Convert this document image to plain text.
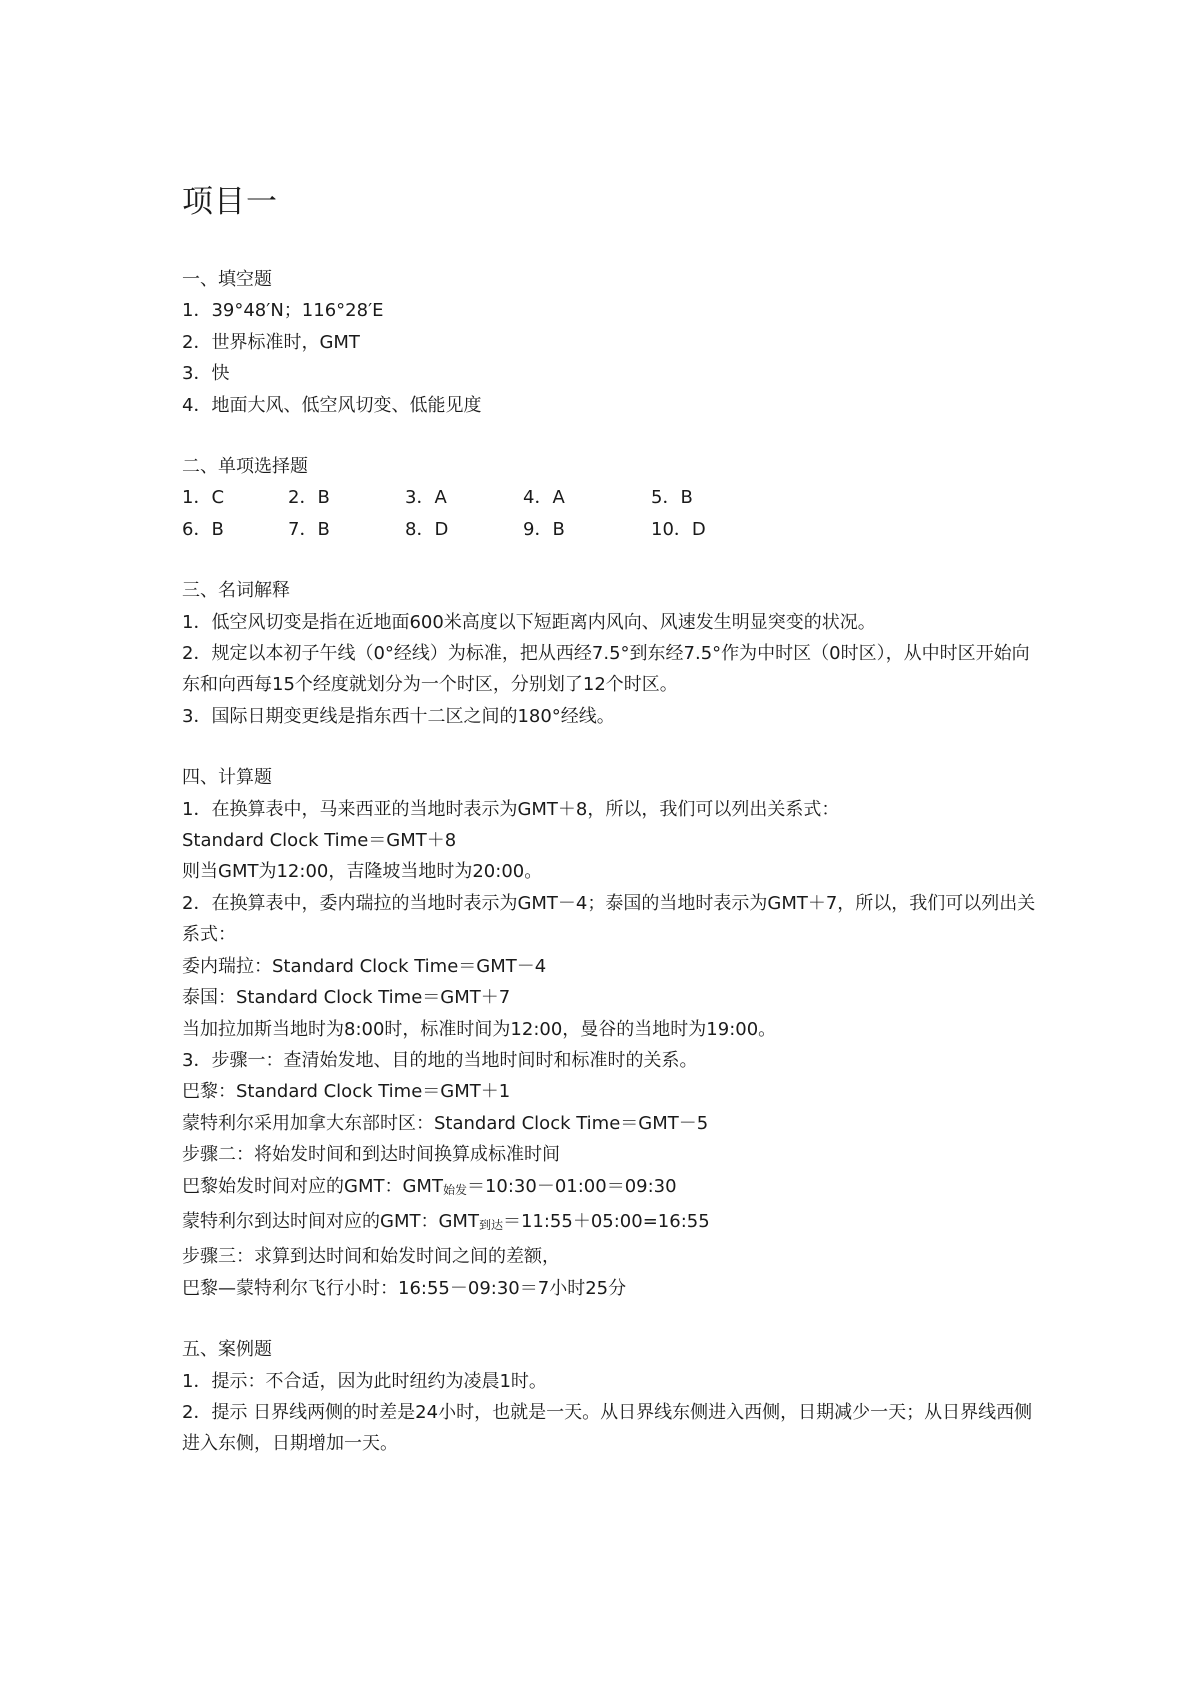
项目一
一、填空题
1．39°48′N；116°28′E
2．世界标准时，GMT
3．快
4．地面大风、低空风切变、低能见度
二、单项选择题
1．C	2．B	3．A	4．A	5．B
6．B	7．B	8．D	9．B	10．D
三、名词解释
1．低空风切变是指在近地面600米高度以下短距离内风向、风速发生明显突变的状况。
2．规定以本初子午线（0°经线）为标准，把从西经7.5°到东经7.5°作为中时区（0时区），从中时区开始向东和向西每15个经度就划分为一个时区，分别划了12个时区。
3．国际日期变更线是指东西十二区之间的180°经线。
四、计算题
1．在换算表中，马来西亚的当地时表示为GMT＋8，所以，我们可以列出关系式：
Standard Clock Time＝GMT＋8
则当GMT为12:00，吉隆坡当地时为20:00。
2．在换算表中，委内瑞拉的当地时表示为GMT－4；泰国的当地时表示为GMT＋7，所以，我们可以列出关系式：
委内瑞拉：Standard Clock Time＝GMT－4
泰国：Standard Clock Time＝GMT＋7
当加拉加斯当地时为8:00时，标准时间为12:00，曼谷的当地时为19:00。
3．步骤一：查清始发地、目的地的当地时间时和标准时的关系。
巴黎：Standard Clock Time＝GMT＋1
蒙特利尔采用加拿大东部时区：Standard Clock Time＝GMT－5
步骤二：将始发时间和到达时间换算成标准时间
巴黎始发时间对应的GMT：GMT始发＝10:30－01:00＝09:30
蒙特利尔到达时间对应的GMT：GMT到达＝11:55＋05:00=16:55
步骤三：求算到达时间和始发时间之间的差额，
巴黎—蒙特利尔飞行小时：16:55－09:30＝7小时25分
五、案例题
1．提示：不合适，因为此时纽约为凌晨1时。
2．提示 日界线两侧的时差是24小时，也就是一天。从日界线东侧进入西侧，日期减少一天；从日界线西侧进入东侧，日期增加一天。
